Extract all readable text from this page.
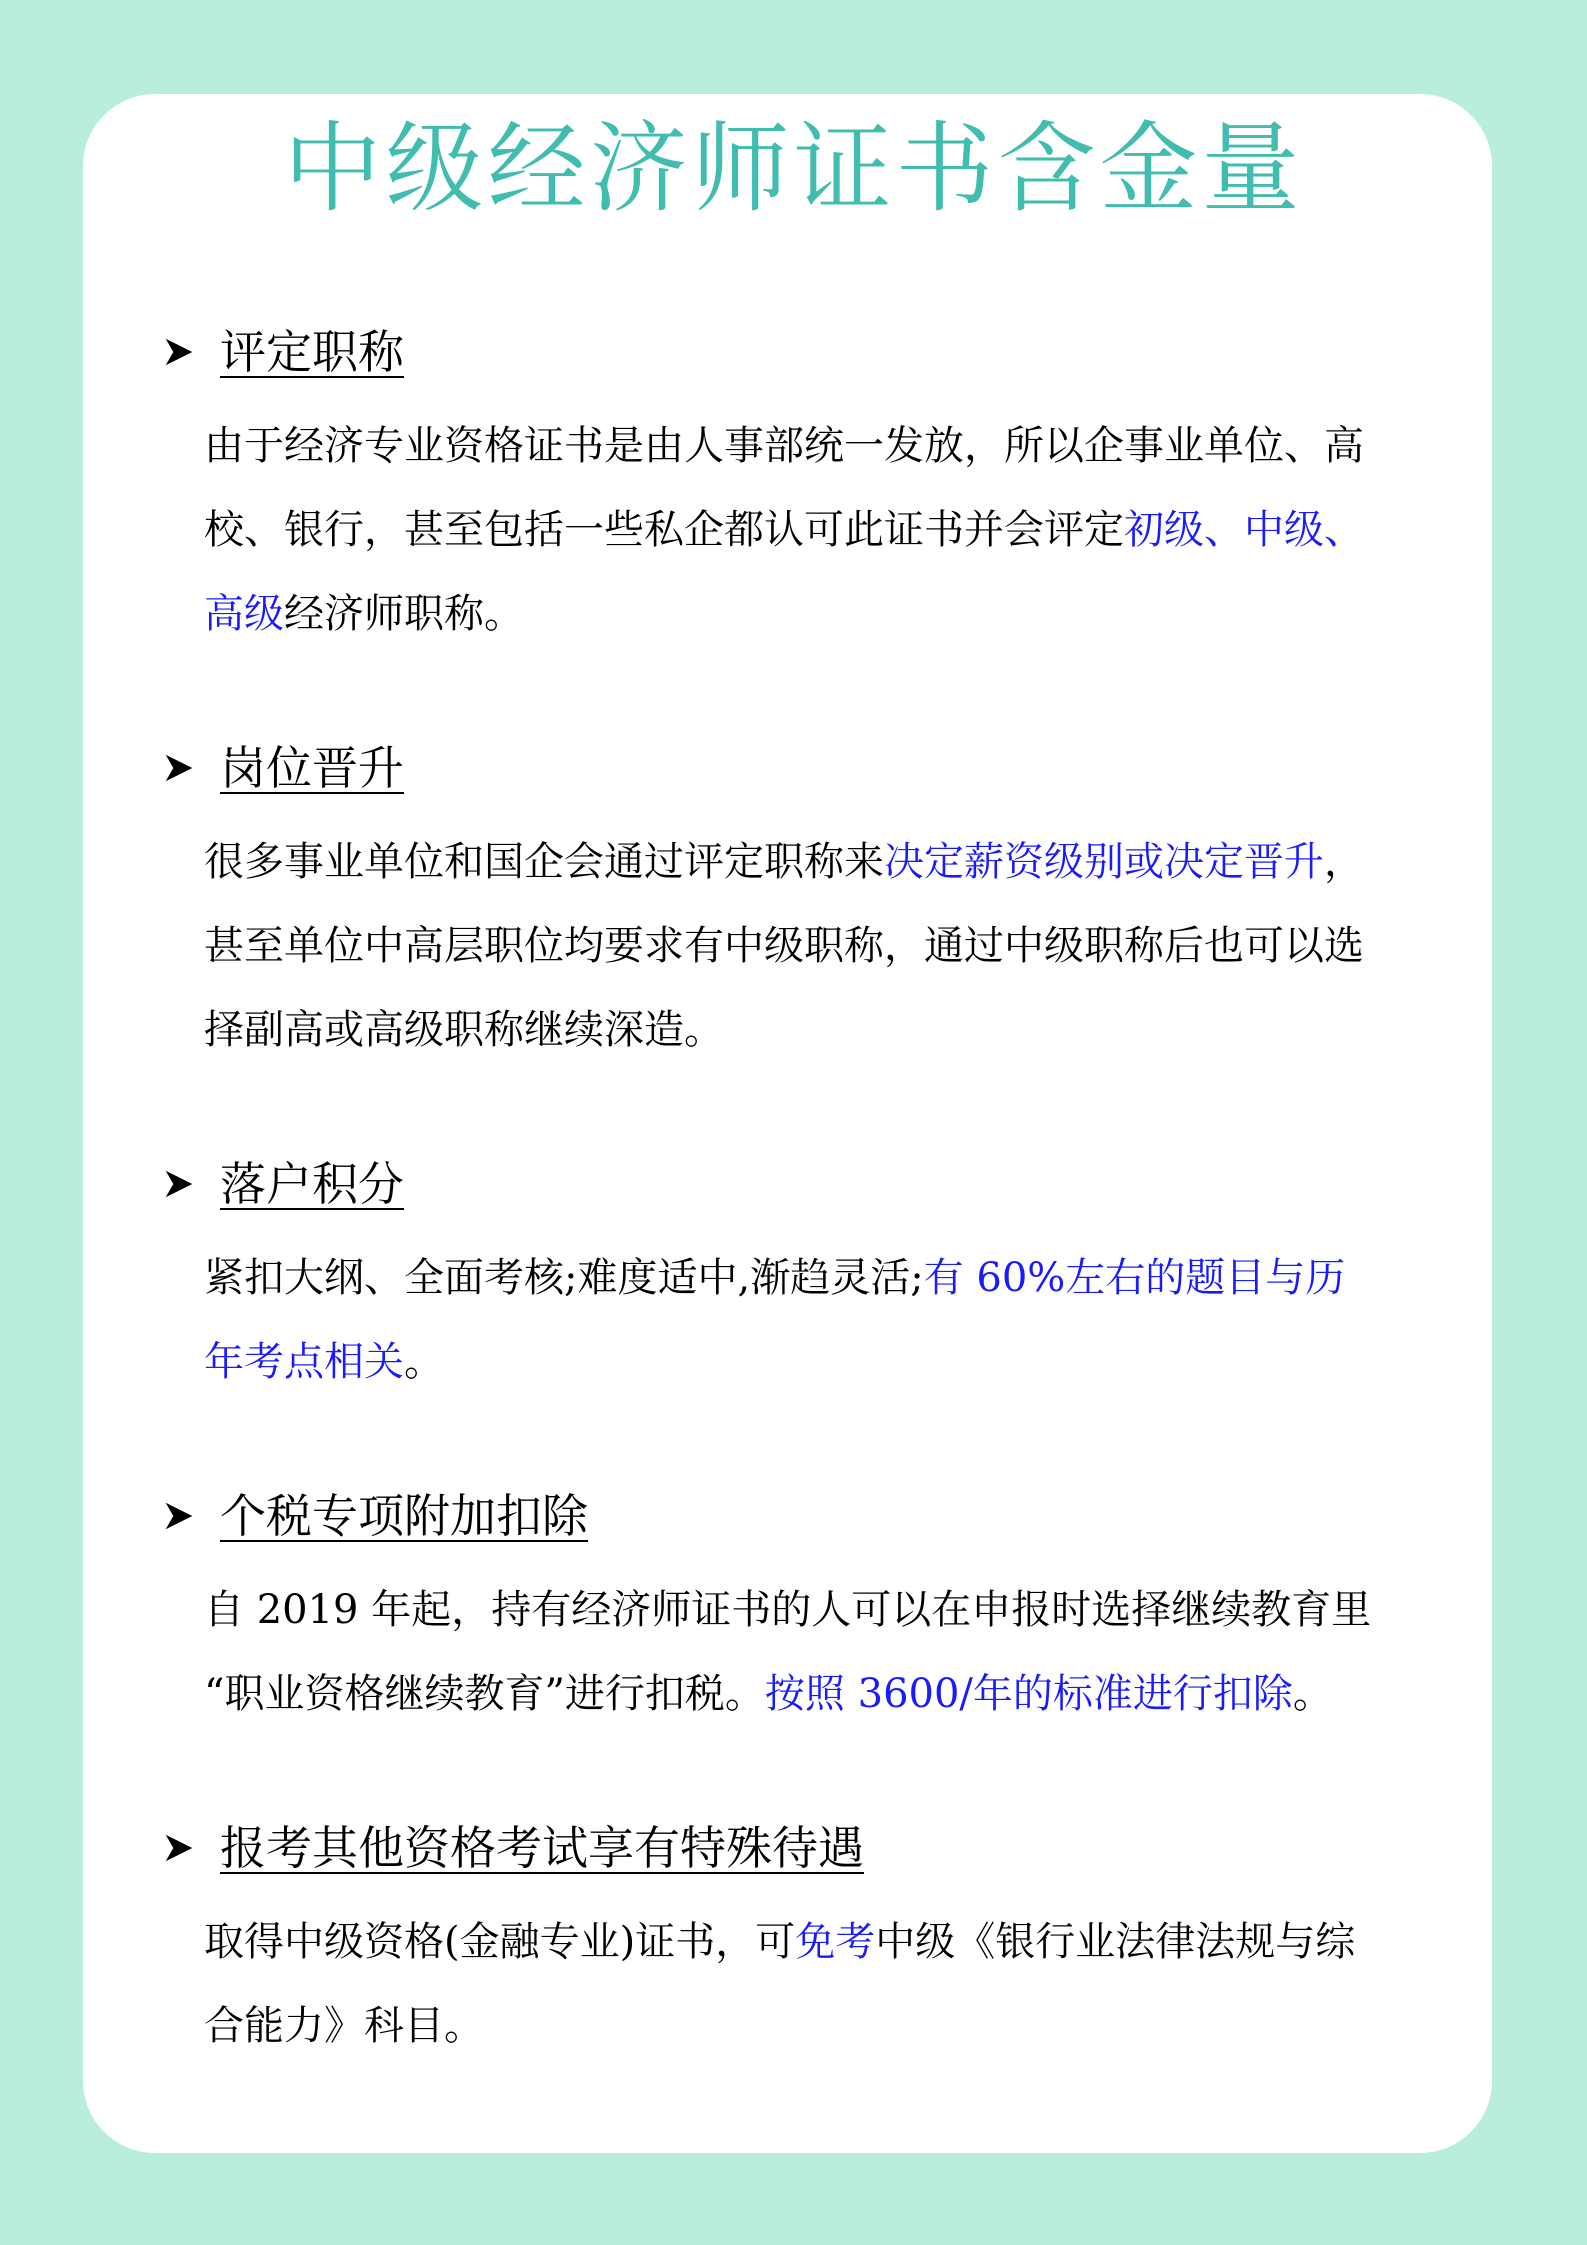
中级经济师证书含金量
评定职称
由于经济专业资格证书是由人事部统一发放，所以企事业单位、高
校、银行，甚至包括一些私企都认可此证书并会评定初级、中级、
高级经济师职称。
岗位晋升
很多事业单位和国企会通过评定职称来决定薪资级别或决定晋升，
甚至单位中高层职位均要求有中级职称，通过中级职称后也可以选
择副高或高级职称继续深造。
落户积分
紧扣大纲、全面考核;难度适中,渐趋灵活;有 60%左右的题目与历
年考点相关。
个税专项附加扣除
自 2019 年起，持有经济师证书的人可以在申报时选择继续教育里
“职业资格继续教育”进行扣税。按照 3600/年的标准进行扣除。
报考其他资格考试享有特殊待遇
取得中级资格(金融专业)证书，可免考中级《银行业法律法规与综
合能力》科目。
